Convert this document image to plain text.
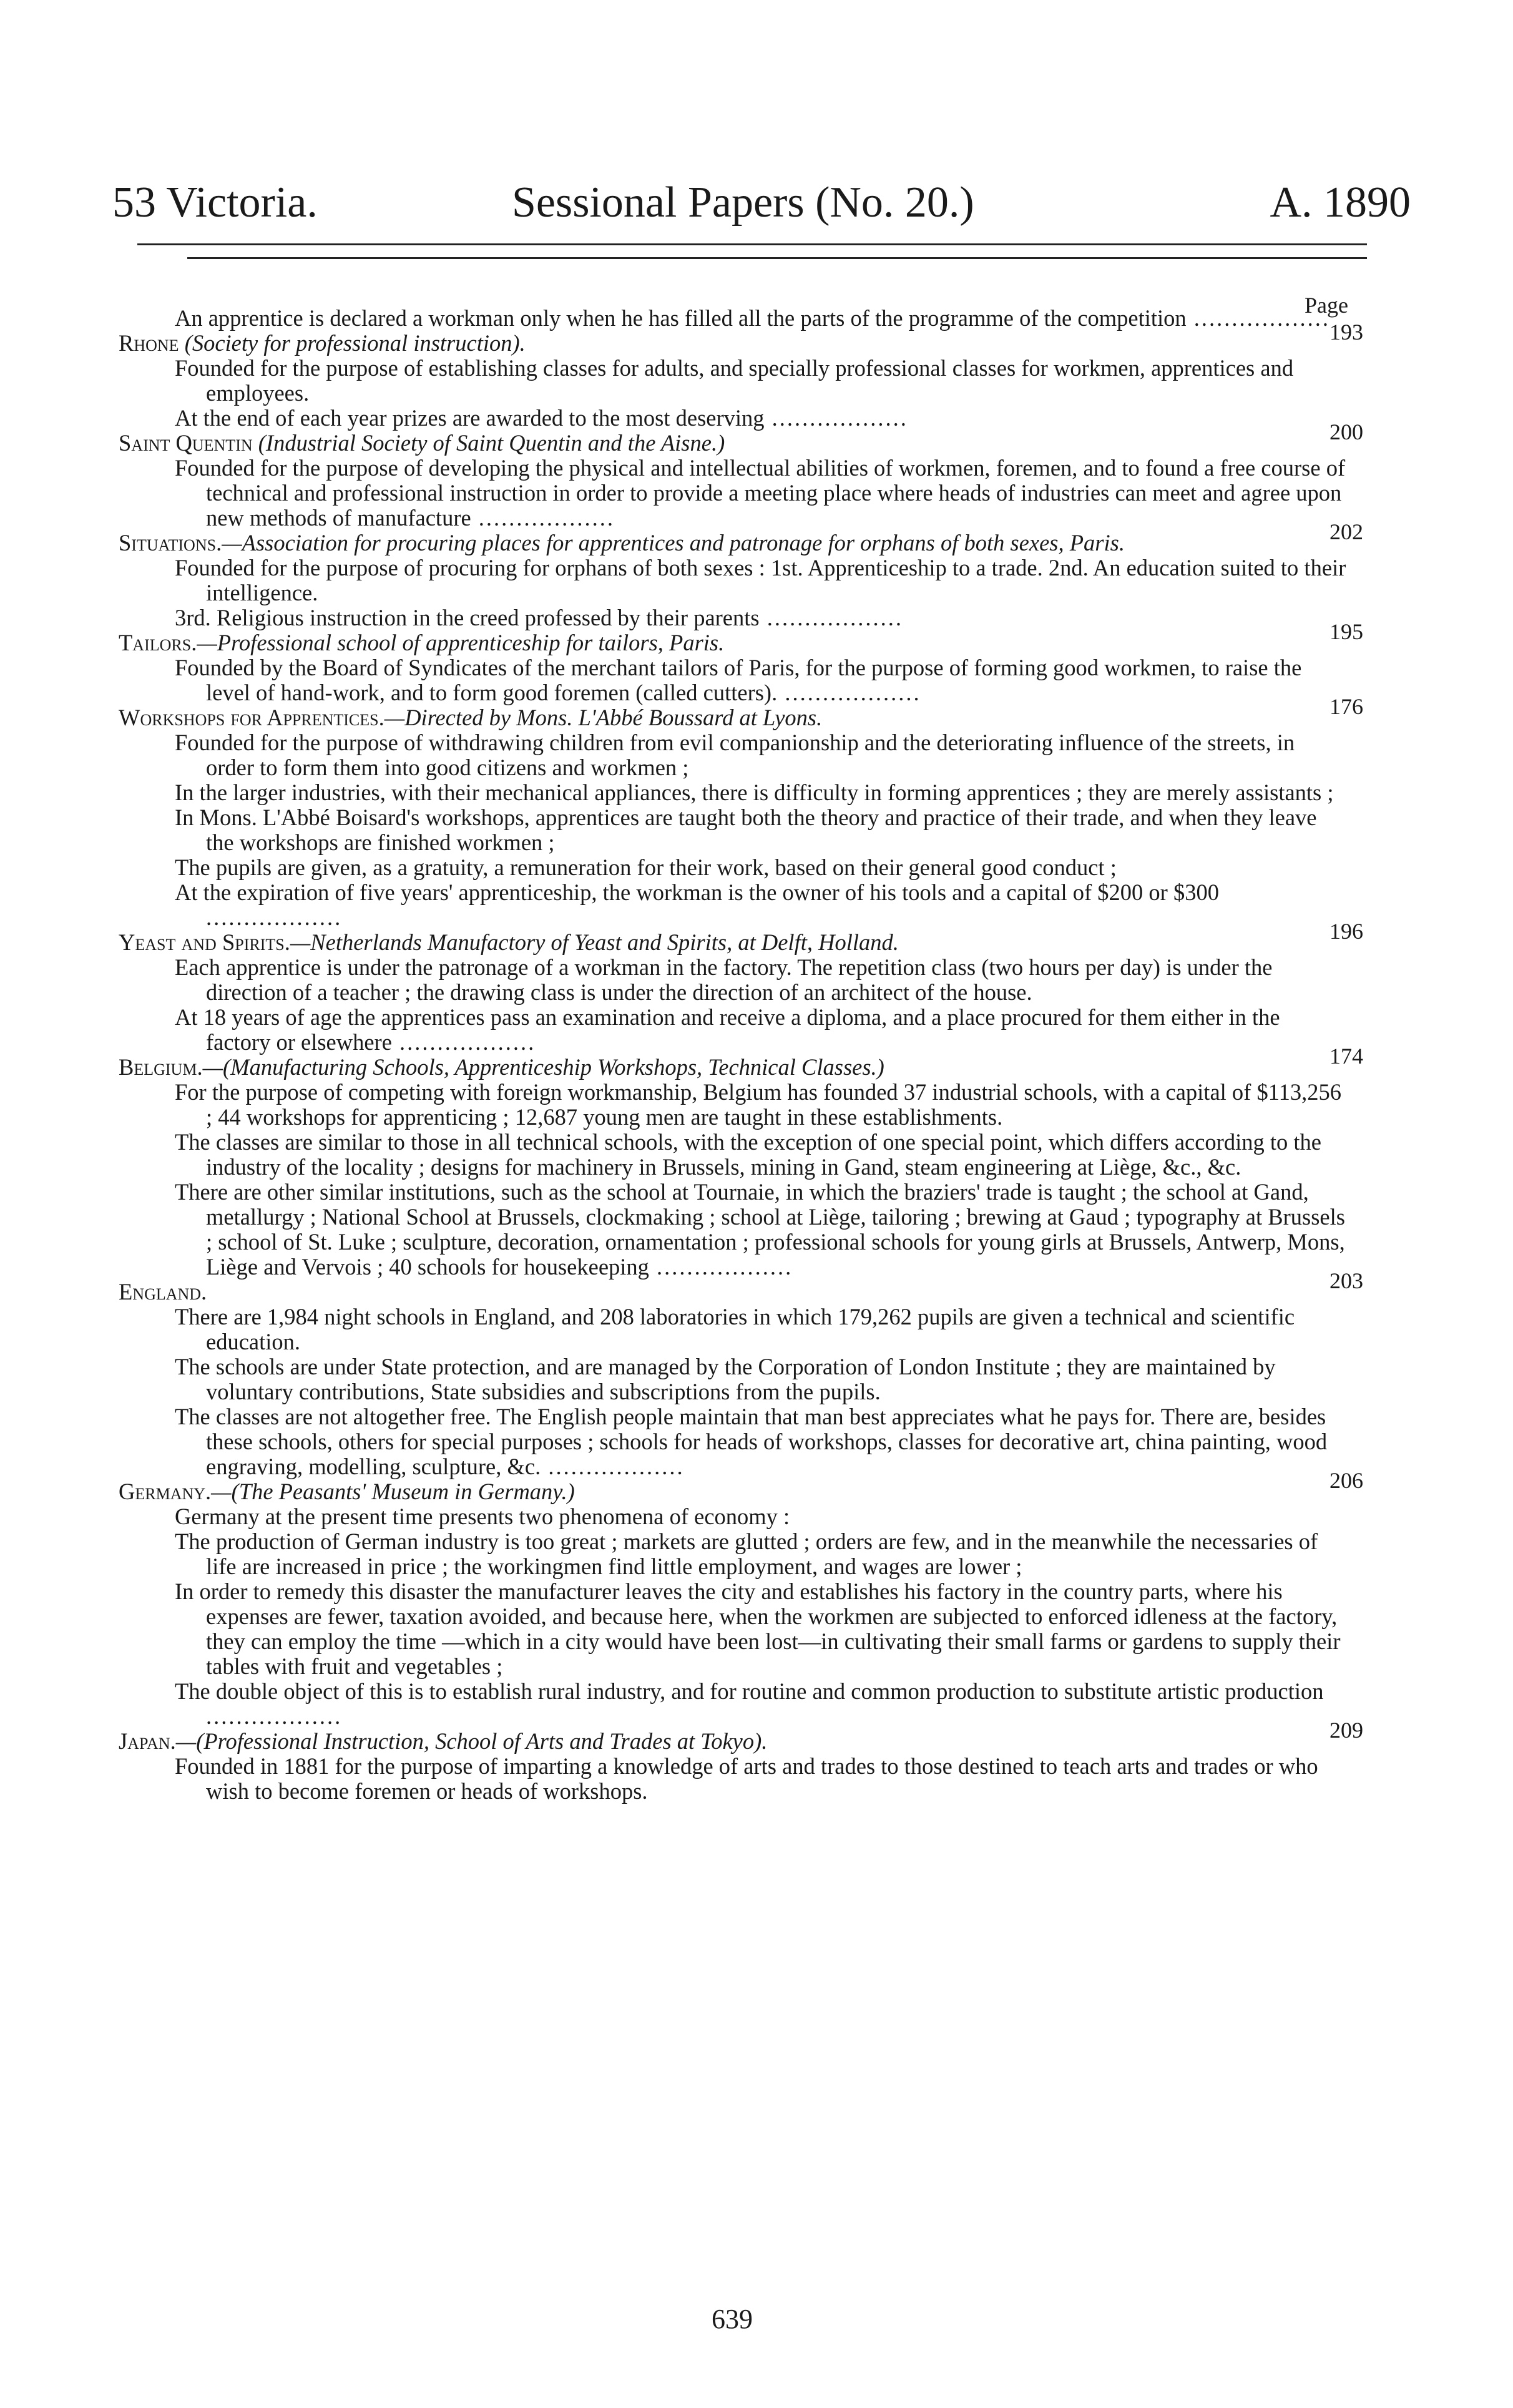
53 Victoria.	Sessional Papers (No. 20.)	A. 1890
Page

An apprentice is declared a workman only when he has filled all the parts of the programme of the competition ..................
193

Rhone (Society for professional instruction).

Founded for the purpose of establishing classes for adults, and specially professional classes for workmen, apprentices and employees.

At the end of each year prizes are awarded to the most deserving ..................
200

Saint Quentin (Industrial Society of Saint Quentin and the Aisne.)

Founded for the purpose of developing the physical and intellectual abilities of workmen, foremen, and to found a free course of technical and professional instruction in order to provide a meeting place where heads of industries can meet and agree upon new methods of manufacture ..................
202

Situations.—Association for procuring places for apprentices and patronage for orphans of both sexes, Paris.

Founded for the purpose of procuring for orphans of both sexes : 1st. Apprenticeship to a trade. 2nd. An education suited to their intelligence.

3rd. Religious instruction in the creed professed by their parents ..................
195

Tailors.—Professional school of apprenticeship for tailors, Paris.

Founded by the Board of Syndicates of the merchant tailors of Paris, for the purpose of forming good workmen, to raise the level of hand-work, and to form good foremen (called cutters). ..................
176

Workshops for Apprentices.—Directed by Mons. L'Abbé Boussard at Lyons.

Founded for the purpose of withdrawing children from evil companionship and the deteriorating influence of the streets, in order to form them into good citizens and workmen ;

In the larger industries, with their mechanical appliances, there is difficulty in forming apprentices ; they are merely assistants ;

In Mons. L'Abbé Boisard's workshops, apprentices are taught both the theory and practice of their trade, and when they leave the workshops are finished workmen ;

The pupils are given, as a gratuity, a remuneration for their work, based on their general good conduct ;

At the expiration of five years' apprenticeship, the workman is the owner of his tools and a capital of $200 or $300 ..................
196

Yeast and Spirits.—Netherlands Manufactory of Yeast and Spirits, at Delft, Holland.

Each apprentice is under the patronage of a workman in the factory. The repetition class (two hours per day) is under the direction of a teacher ; the drawing class is under the direction of an architect of the house.

At 18 years of age the apprentices pass an examination and receive a diploma, and a place procured for them either in the factory or elsewhere ..................
174

Belgium.—(Manufacturing Schools, Apprenticeship Workshops, Technical Classes.)

For the purpose of competing with foreign workmanship, Belgium has founded 37 industrial schools, with a capital of $113,256 ; 44 workshops for apprenticing ; 12,687 young men are taught in these establishments.

The classes are similar to those in all technical schools, with the exception of one special point, which differs according to the industry of the locality ; designs for machinery in Brussels, mining in Gand, steam engineering at Liège, &c., &c.

There are other similar institutions, such as the school at Tournaie, in which the braziers' trade is taught ; the school at Gand, metallurgy ; National School at Brussels, clockmaking ; school at Liège, tailoring ; brewing at Gaud ; typography at Brussels ; school of St. Luke ; sculpture, decoration, ornamentation ; professional schools for young girls at Brussels, Antwerp, Mons, Liège and Vervois ; 40 schools for housekeeping ..................
203

England.

There are 1,984 night schools in England, and 208 laboratories in which 179,262 pupils are given a technical and scientific education.

The schools are under State protection, and are managed by the Corporation of London Institute ; they are maintained by voluntary contributions, State subsidies and subscriptions from the pupils.

The classes are not altogether free. The English people maintain that man best appreciates what he pays for. There are, besides these schools, others for special purposes ; schools for heads of workshops, classes for decorative art, china painting, wood engraving, modelling, sculpture, &c. ..................
206

Germany.—(The Peasants' Museum in Germany.)

Germany at the present time presents two phenomena of economy :

The production of German industry is too great ; markets are glutted ; orders are few, and in the meanwhile the necessaries of life are increased in price ; the workingmen find little employment, and wages are lower ;

In order to remedy this disaster the manufacturer leaves the city and establishes his factory in the country parts, where his expenses are fewer, taxation avoided, and because here, when the workmen are subjected to enforced idleness at the factory, they can employ the time —which in a city would have been lost—in cultivating their small farms or gardens to supply their tables with fruit and vegetables ;

The double object of this is to establish rural industry, and for routine and common production to substitute artistic production ..................
209

Japan.—(Professional Instruction, School of Arts and Trades at Tokyo).

Founded in 1881 for the purpose of imparting a knowledge of arts and trades to those destined to teach arts and trades or who wish to become foremen or heads of workshops.

639
